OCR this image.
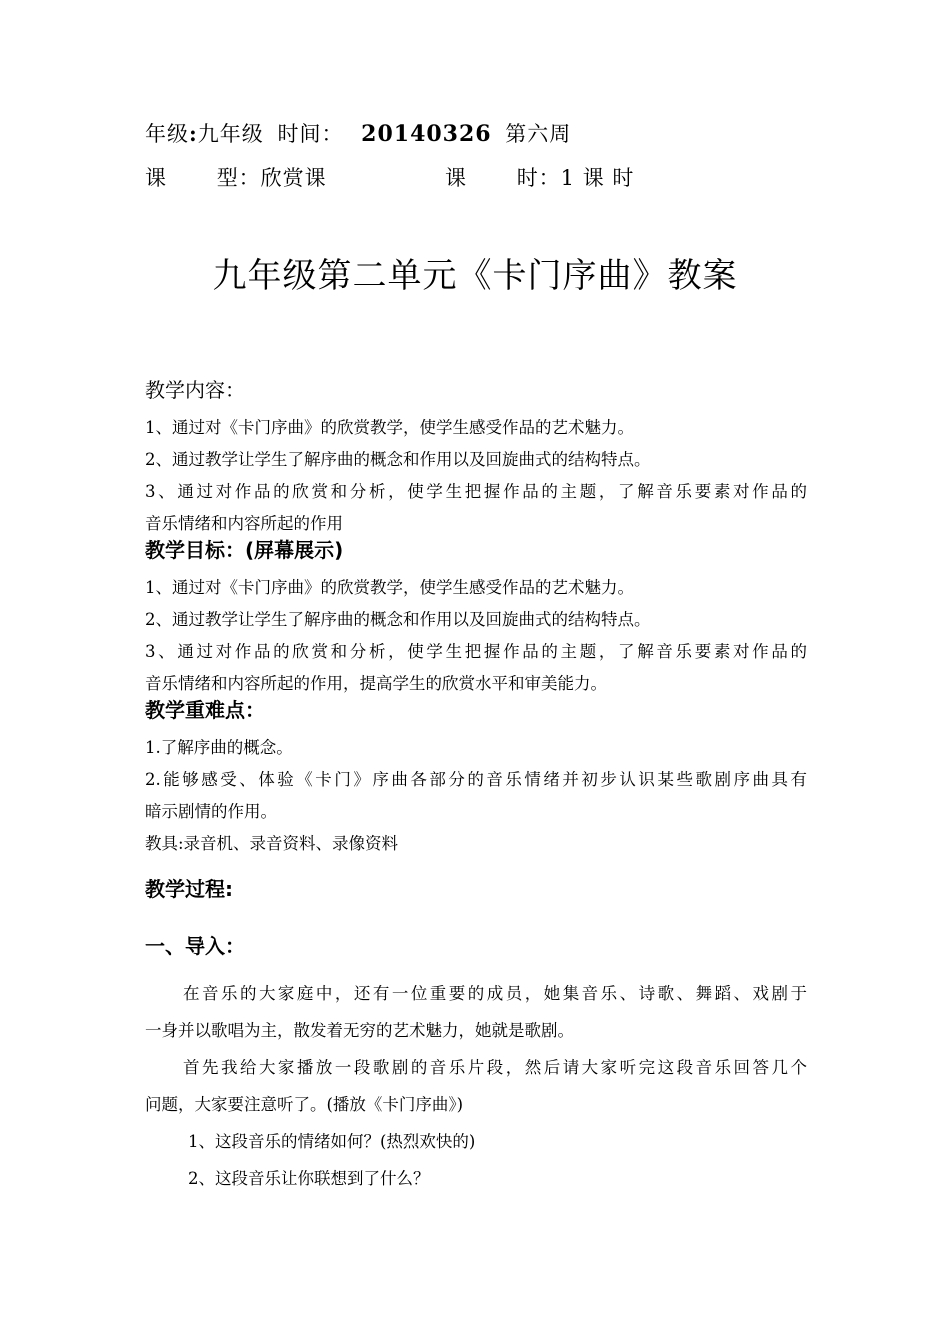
年级:九年级 时间： 20140326 第六周
课 型：欣赏课	课 时：1 课 时
九年级第二单元《卡门序曲》教案
教学内容：
1、通过对《卡门序曲》的欣赏教学，使学生感受作品的艺术魅力。
2、通过教学让学生了解序曲的概念和作用以及回旋曲式的结构特点。
3、通过对作品的欣赏和分析，使学生把握作品的主题，了解音乐要素对作品的
音乐情绪和内容所起的作用
教学目标：(屏幕展示)
1、通过对《卡门序曲》的欣赏教学，使学生感受作品的艺术魅力。
2、通过教学让学生了解序曲的概念和作用以及回旋曲式的结构特点。
3、通过对作品的欣赏和分析，使学生把握作品的主题，了解音乐要素对作品的
音乐情绪和内容所起的作用，提高学生的欣赏水平和审美能力。
教学重难点：
1.了解序曲的概念。
2.能够感受、体验《卡门》序曲各部分的音乐情绪并初步认识某些歌剧序曲具有
暗示剧情的作用。
教具:录音机、录音资料、录像资料
教学过程:
一、导入：
在音乐的大家庭中，还有一位重要的成员，她集音乐、诗歌、舞蹈、戏剧于
一身并以歌唱为主，散发着无穷的艺术魅力，她就是歌剧。
首先我给大家播放一段歌剧的音乐片段，然后请大家听完这段音乐回答几个
问题，大家要注意听了。(播放《卡门序曲》)
1、这段音乐的情绪如何？(热烈欢快的)
2、这段音乐让你联想到了什么？
